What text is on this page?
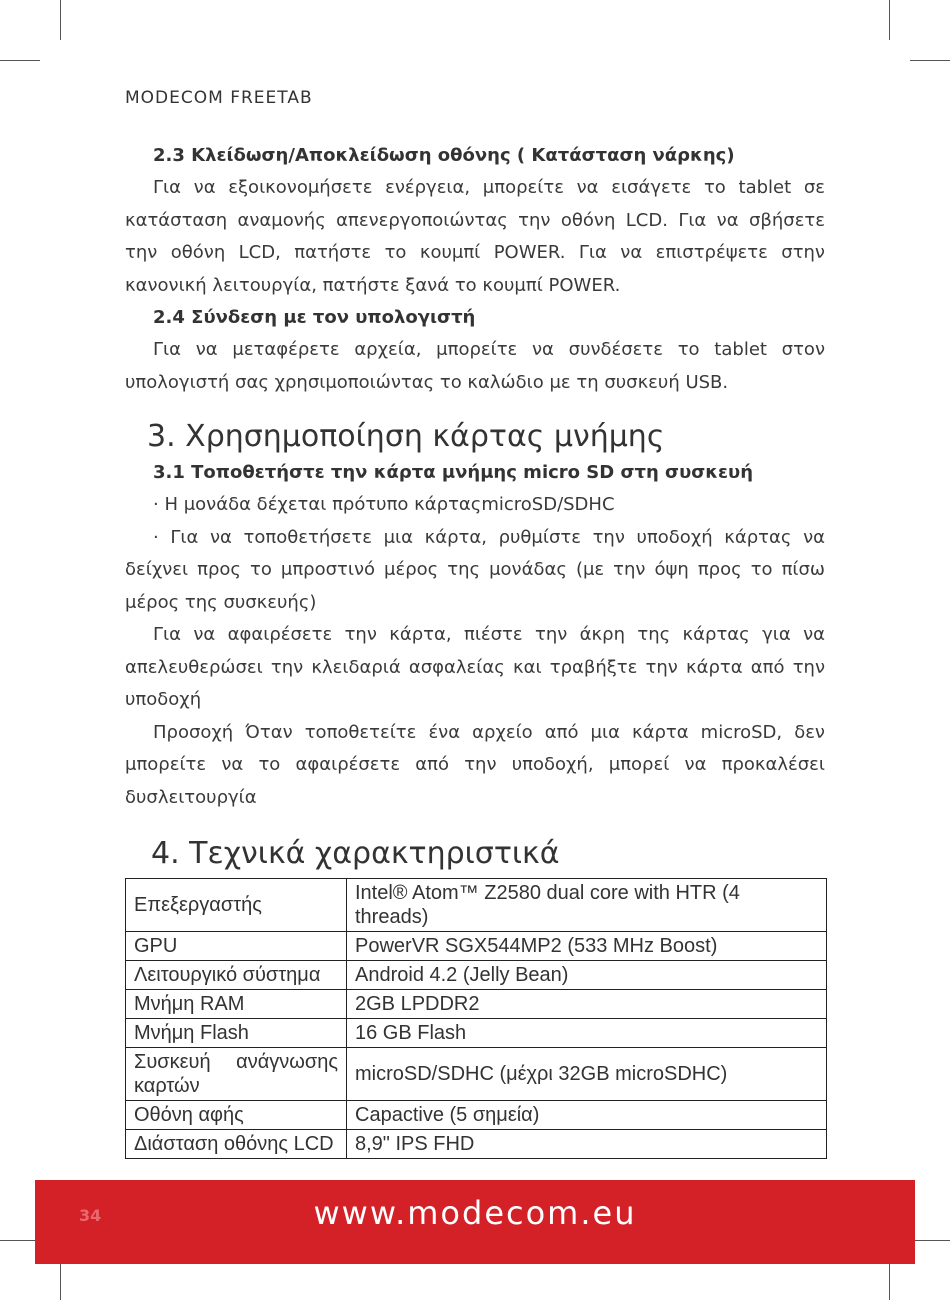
MODECOM FREETAB

2.3 Κλείδωση/Αποκλείδωση οθόνης ( Κατάσταση νάρκης)

Για να εξοικονομήσετε ενέργεια, μπορείτε να εισάγετε το tablet σε κατάσταση αναμονής απενεργοποιώντας την οθόνη LCD. Για να σβήσετε την οθόνη LCD, πατήστε το κουμπί POWER. Για να επιστρέψετε στην κανονική λειτουργία, πατήστε ξανά το κουμπί POWER.

2.4 Σύνδεση με τον υπολογιστή

Για να μεταφέρετε αρχεία, μπορείτε να συνδέσετε το tablet στον υπολογιστή σας χρησιμοποιώντας το καλώδιο με τη συσκευή USB.

3. Χρησημοποίηση κάρτας μνήμης

3.1 Τοποθετήστε την κάρτα μνήμης micro SD στη συσκευή

· Η μονάδα δέχεται πρότυπο κάρταςmicroSD/SDHC

· Για να τοποθετήσετε μια κάρτα, ρυθμίστε την υποδοχή κάρτας να δείχνει προς το μπροστινό μέρος της μονάδας (με την όψη προς το πίσω μέρος της συσκευής)

Για να αφαιρέσετε την κάρτα, πιέστε την άκρη της κάρτας για να απελευθερώσει την κλειδαριά ασφαλείας και τραβήξτε την κάρτα από την υποδοχή

Προσοχή Όταν τοποθετείτε ένα αρχείο από μια κάρτα microSD, δεν μπορείτε να το αφαιρέσετε από την υποδοχή, μπορεί να προκαλέσει δυσλειτουργία

4. Τεχνικά χαρακτηριστικά
Επεξεργαστής	Intel® Atom™ Z2580 dual core with HTR (4 threads)
GPU	PowerVR SGX544MP2 (533 MHz Boost)
Λειτουργικό σύστημα	Android 4.2 (Jelly Bean)
Μνήμη RAM	2GB LPDDR2
Μνήμη Flash	16 GB Flash
Συσκευή ανάγνωσης καρτών	microSD/SDHC (μέχρι 32GB microSDHC)
Οθόνη αφής	Capactive (5 σημεία)
Διάσταση οθόνης LCD	8,9" IPS FHD
34	www.modecom.eu
